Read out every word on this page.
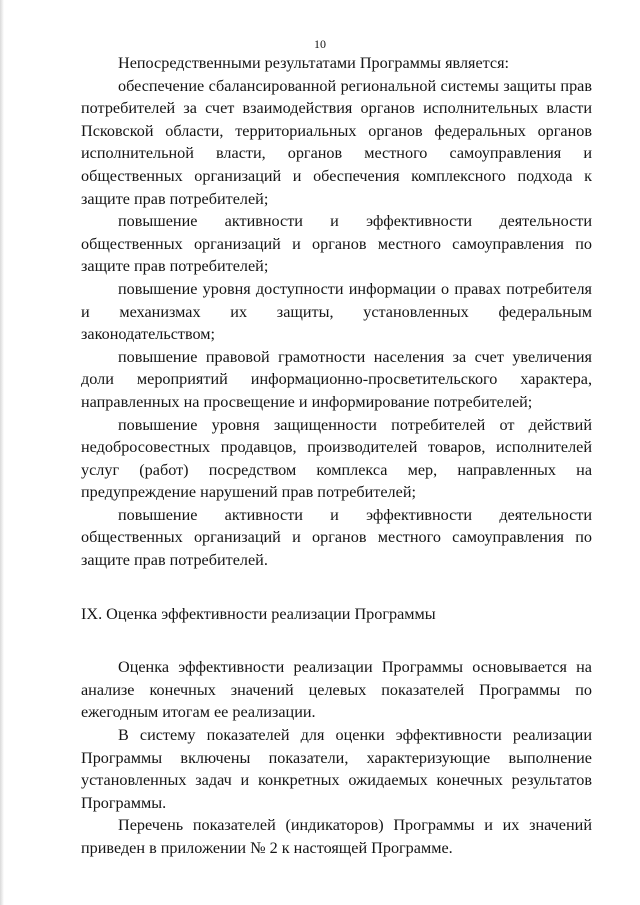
10

Непосредственными результатами Программы является:

обеспечение сбалансированной региональной системы защиты прав потребителей за счет взаимодействия органов исполнительных власти Псковской области, территориальных органов федеральных органов исполнительной власти, органов местного самоуправления и общественных организаций и обеспечения комплексного подхода к защите прав потребителей;

повышение активности и эффективности деятельности общественных организаций и органов местного самоуправления по защите прав потребителей;

повышение уровня доступности информации о правах потребителя и механизмах их защиты, установленных федеральным законодательством;

повышение правовой грамотности населения за счет увеличения доли мероприятий информационно-просветительского характера, направленных на просвещение и информирование потребителей;

повышение уровня защищенности потребителей от действий недобросовестных продавцов, производителей товаров, исполнителей услуг (работ) посредством комплекса мер, направленных на предупреждение нарушений прав потребителей;

повышение активности и эффективности деятельности общественных организаций и органов местного самоуправления по защите прав потребителей.

IX. Оценка эффективности реализации Программы

Оценка эффективности реализации Программы основывается на анализе конечных значений целевых показателей Программы по ежегодным итогам ее реализации.

В систему показателей для оценки эффективности реализации Программы включены показатели, характеризующие выполнение установленных задач и конкретных ожидаемых конечных результатов Программы.

Перечень показателей (индикаторов) Программы и их значений приведен в приложении № 2 к настоящей Программе.
